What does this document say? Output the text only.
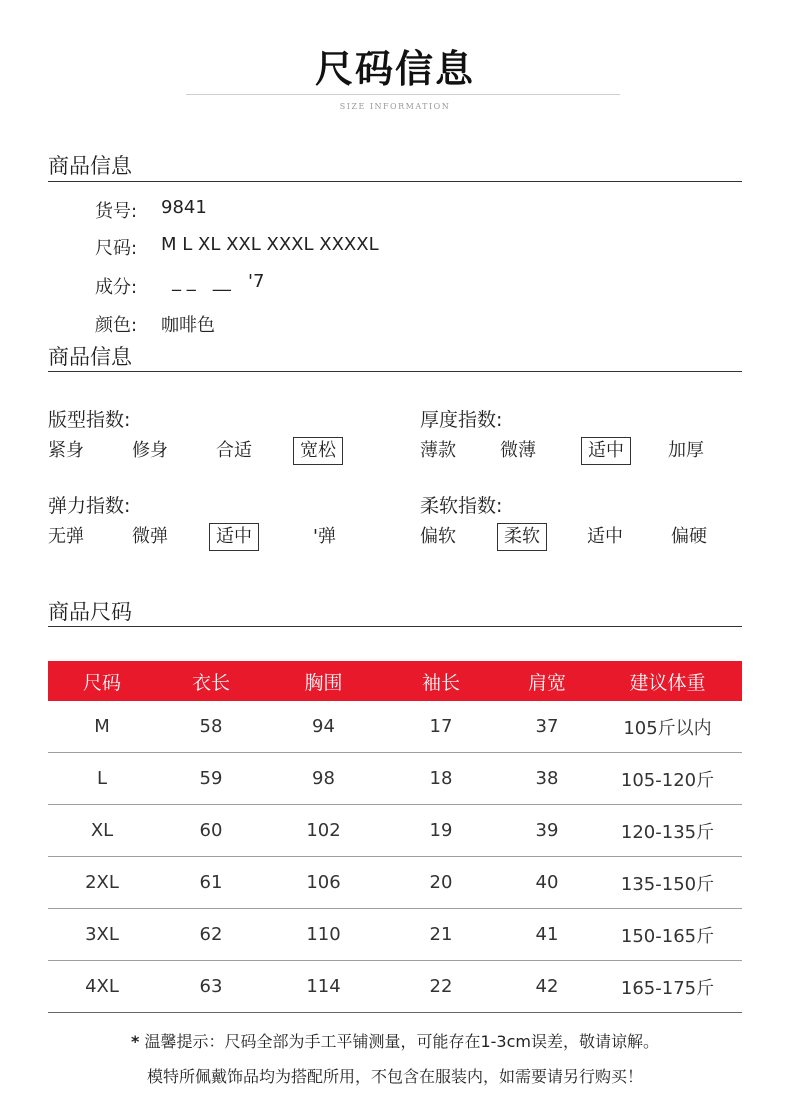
尺码信息
SIZE INFORMATION
商品信息
货号: 9841
尺码: M L XL XXL XXXL XXXXL
成分: _ _   __   '7
颜色: 咖啡色
商品信息
版型指数:
紧身	修身	合适	宽松
厚度指数:
薄款 微薄	适中	加厚
弹力指数:
无弹	微弹	适中	'弹
柔软指数:
偏软	柔软	适中	偏硬
商品尺码
尺码	衣长	胸围	袖长	肩宽	建议体重
M	58	94	17	37	105斤以内
L	59	98	18	38	105-120斤
XL	60	102	19	39	120-135斤
2XL	61	106	20	40	135-150斤
3XL	62	110	21	41	150-165斤
4XL	63	114	22	42	165-175斤
* 温馨提示：尺码全部为手工平铺测量，可能存在1-3cm误差，敬请谅解。
模特所佩戴饰品均为搭配所用，不包含在服装内，如需要请另行购买！
